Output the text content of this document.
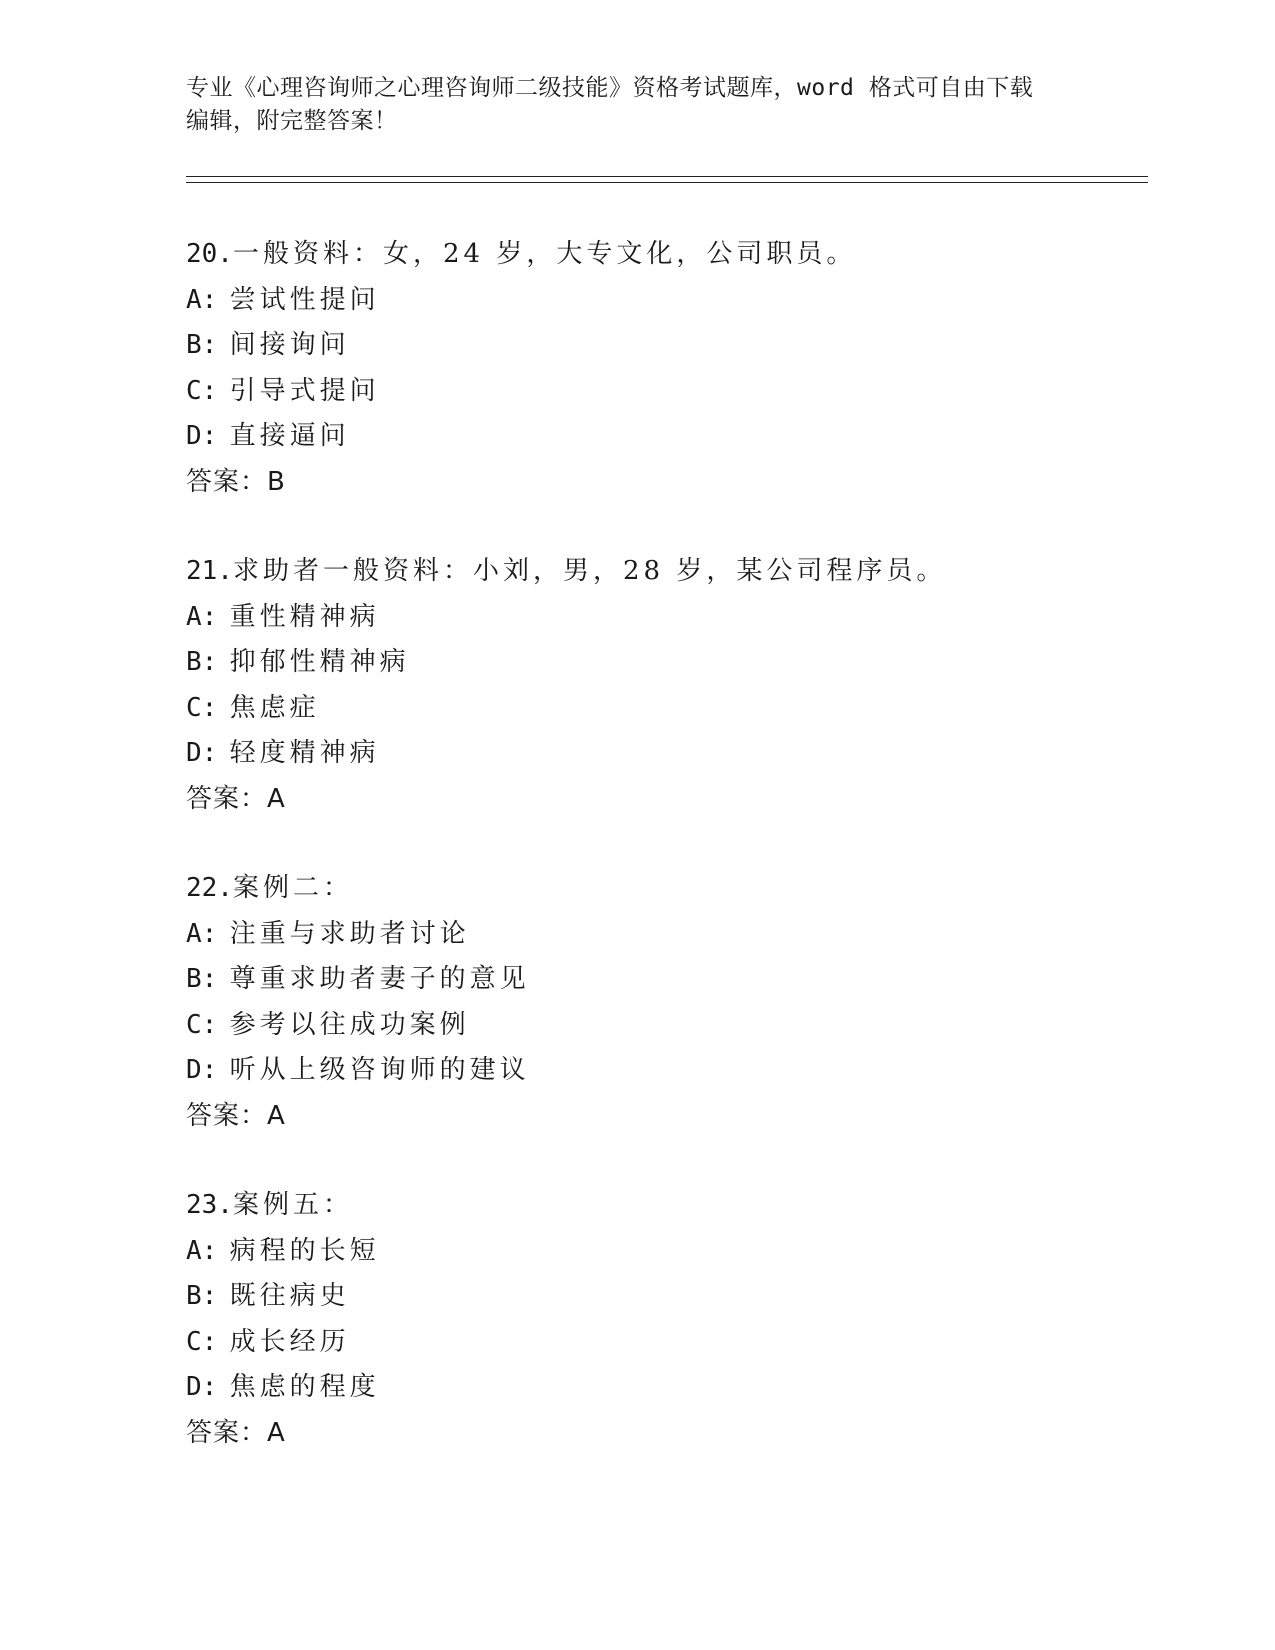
专业《心理咨询师之心理咨询师二级技能》资格考试题库，word 格式可自由下载
编辑，附完整答案！
20.一般资料：女，24 岁，大专文化，公司职员。
A: 尝试性提问
B: 间接询问
C: 引导式提问
D: 直接逼问
答案：B
21.求助者一般资料：小刘，男，28 岁，某公司程序员。
A: 重性精神病
B: 抑郁性精神病
C: 焦虑症
D: 轻度精神病
答案：A
22.案例二：
A: 注重与求助者讨论
B: 尊重求助者妻子的意见
C: 参考以往成功案例
D: 听从上级咨询师的建议
答案：A
23.案例五：
A: 病程的长短
B: 既往病史
C: 成长经历
D: 焦虑的程度
答案：A
